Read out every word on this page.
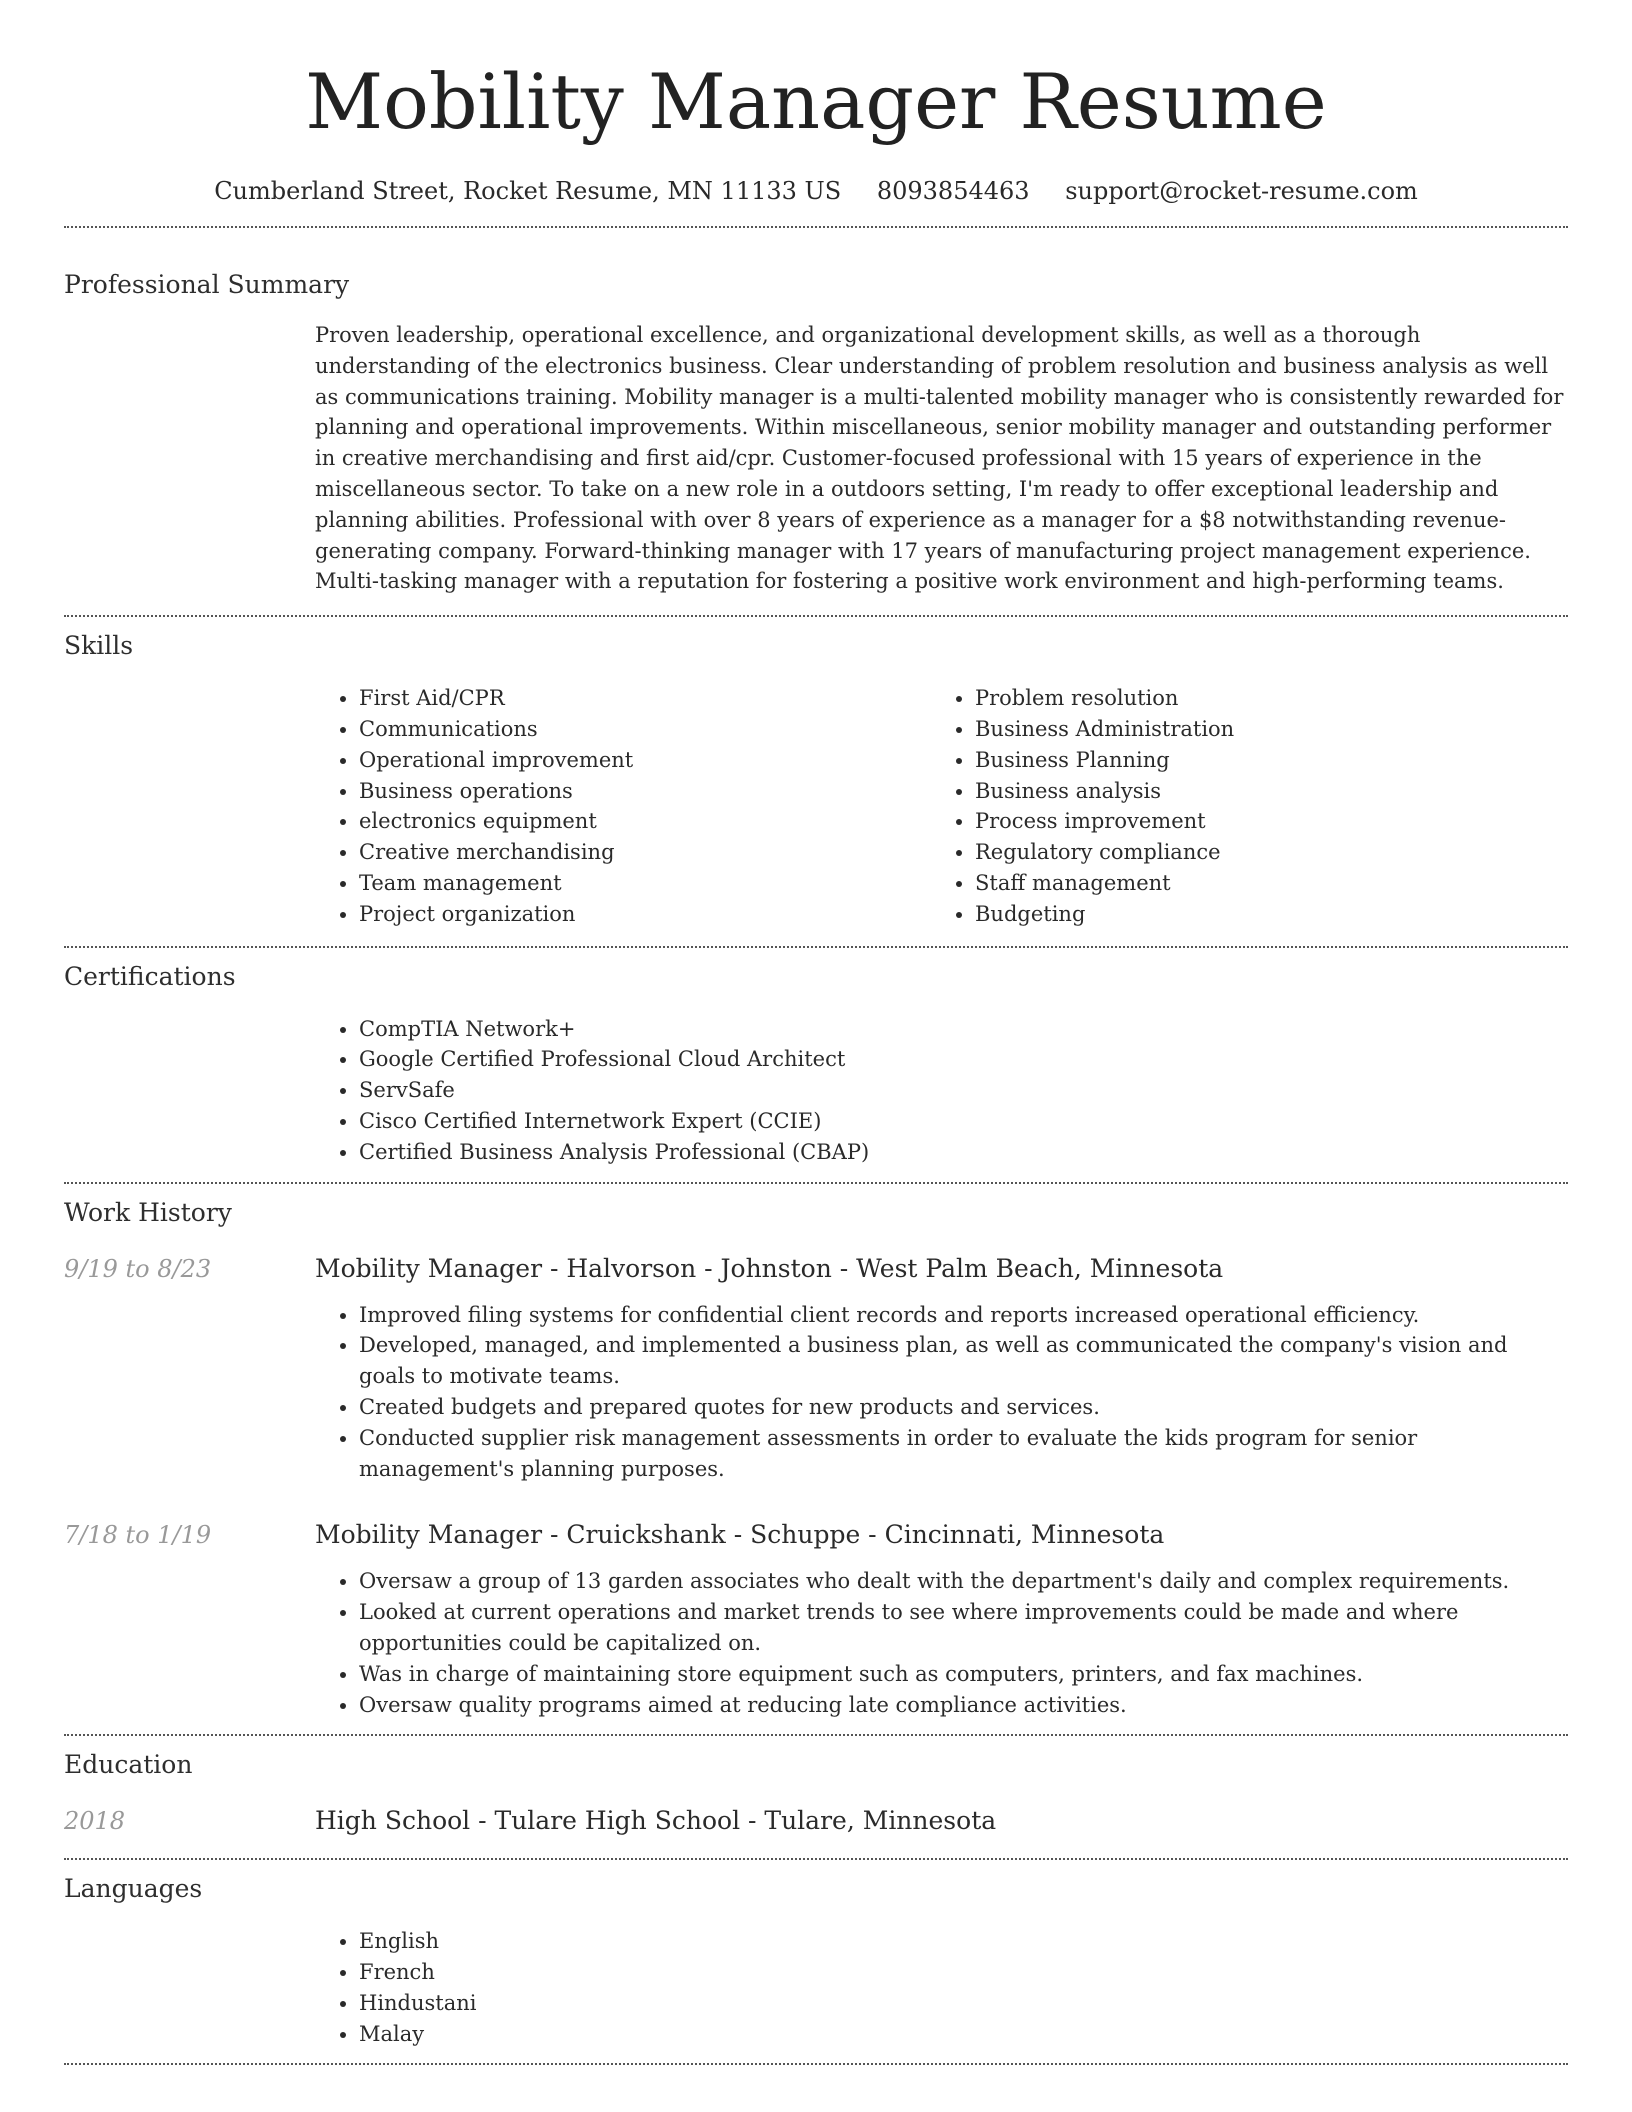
Mobility Manager Resume
Cumberland Street, Rocket Resume, MN 11133 US 8093854463 support@rocket-resume.com
Professional Summary
Proven leadership, operational excellence, and organizational development skills, as well as a thorough understanding of the electronics business. Clear understanding of problem resolution and business analysis as well as communications training. Mobility manager is a multi-talented mobility manager who is consistently rewarded for planning and operational improvements. Within miscellaneous, senior mobility manager and outstanding performer in creative merchandising and first aid/cpr. Customer-focused professional with 15 years of experience in the miscellaneous sector. To take on a new role in a outdoors setting, I'm ready to offer exceptional leadership and planning abilities. Professional with over 8 years of experience as a manager for a $8 notwithstanding revenue-generating company. Forward-thinking manager with 17 years of manufacturing project management experience. Multi-tasking manager with a reputation for fostering a positive work environment and high-performing teams.
Skills
• First Aid/CPR
• Communications
• Operational improvement
• Business operations
• electronics equipment
• Creative merchandising
• Team management
• Project organization
• Problem resolution
• Business Administration
• Business Planning
• Business analysis
• Process improvement
• Regulatory compliance
• Staff management
• Budgeting
Certifications
• CompTIA Network+
• Google Certified Professional Cloud Architect
• ServSafe
• Cisco Certified Internetwork Expert (CCIE)
• Certified Business Analysis Professional (CBAP)
Work History
9/19 to 8/23	Mobility Manager - Halvorson - Johnston - West Palm Beach, Minnesota
• Improved filing systems for confidential client records and reports increased operational efficiency.
• Developed, managed, and implemented a business plan, as well as communicated the company's vision and goals to motivate teams.
• Created budgets and prepared quotes for new products and services.
• Conducted supplier risk management assessments in order to evaluate the kids program for senior management's planning purposes.
7/18 to 1/19	Mobility Manager - Cruickshank - Schuppe - Cincinnati, Minnesota
• Oversaw a group of 13 garden associates who dealt with the department's daily and complex requirements.
• Looked at current operations and market trends to see where improvements could be made and where opportunities could be capitalized on.
• Was in charge of maintaining store equipment such as computers, printers, and fax machines.
• Oversaw quality programs aimed at reducing late compliance activities.
Education
2018	High School - Tulare High School - Tulare, Minnesota
Languages
• English
• French
• Hindustani
• Malay
